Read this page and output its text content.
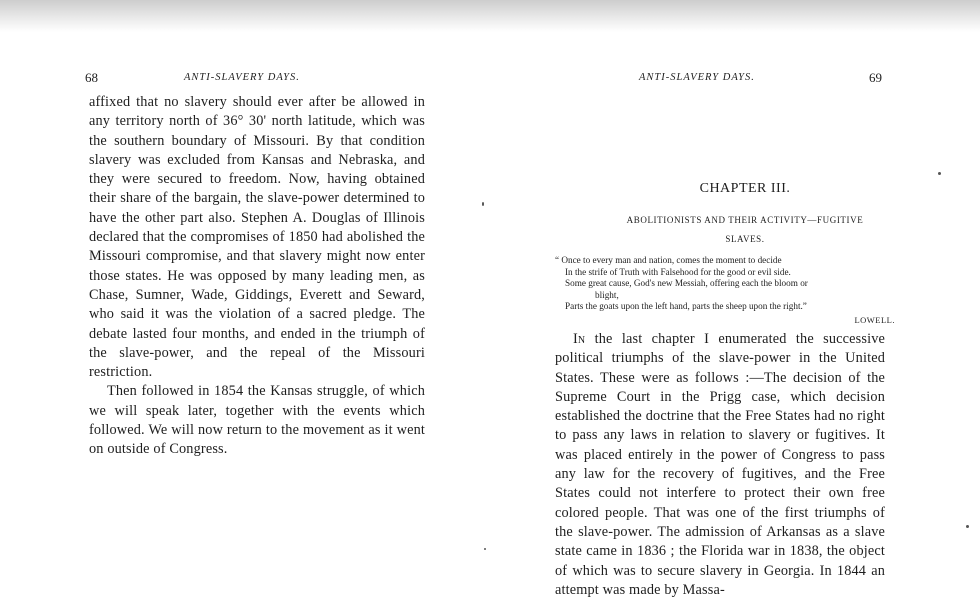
68	ANTI-SLAVERY DAYS.

affixed that no slavery should ever after be allowed in any territory north of 36° 30' north latitude, which was the southern boundary of Missouri. By that condition slavery was excluded from Kansas and Nebraska, and they were secured to freedom. Now, having obtained their share of the bargain, the slave-power determined to have the other part also. Stephen A. Douglas of Illinois declared that the compromises of 1850 had abolished the Missouri compromise, and that slavery might now enter those states. He was opposed by many leading men, as Chase, Sumner, Wade, Giddings, Everett and Seward, who said it was the violation of a sacred pledge. The debate lasted four months, and ended in the triumph of the slave-power, and the repeal of the Missouri restriction.

Then followed in 1854 the Kansas struggle, of which we will speak later, together with the events which followed. We will now return to the movement as it went on outside of Congress.

ANTI-SLAVERY DAYS.	69
CHAPTER III.
ABOLITIONISTS AND THEIR ACTIVITY—FUGITIVE
SLAVES.
“ Once to every man and nation, comes the moment to decide
In the strife of Truth with Falsehood for the good or evil side.
Some great cause, God's new Messiah, offering each the bloom or
blight,
Parts the goats upon the left hand, parts the sheep upon the right.”
LOWELL.

In the last chapter I enumerated the successive political triumphs of the slave-power in the United States. These were as follows :—The decision of the Supreme Court in the Prigg case, which decision established the doctrine that the Free States had no right to pass any laws in relation to slavery or fugitives. It was placed entirely in the power of Congress to pass any law for the recovery of fugitives, and the Free States could not interfere to protect their own free colored people. That was one of the first triumphs of the slave-power. The admission of Arkansas as a slave state came in 1836 ; the Florida war in 1838, the object of which was to secure slavery in Georgia. In 1844 an attempt was made by Massa-
